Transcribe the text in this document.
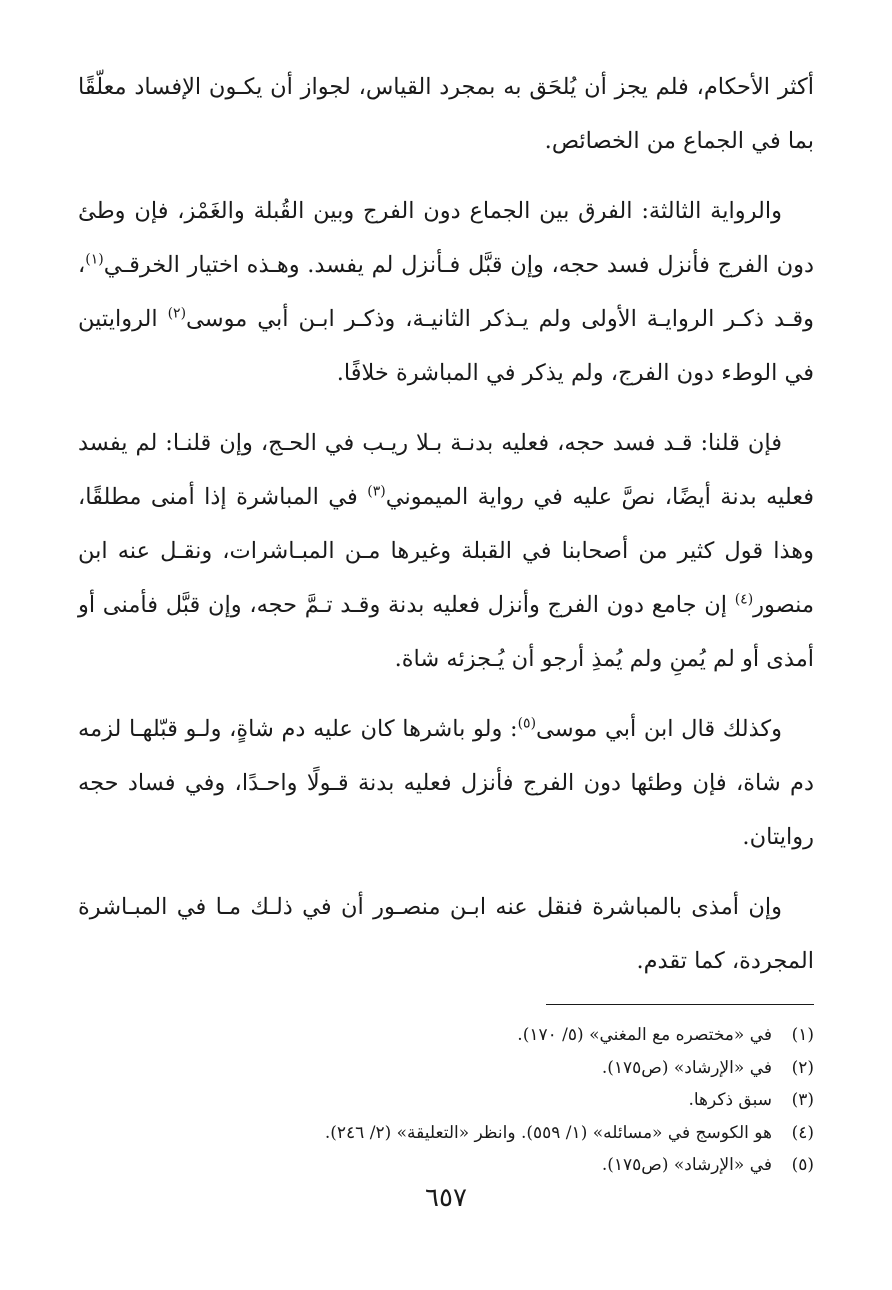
أكثر الأحكام، فلم يجز أن يُلحَق به بمجرد القياس، لجواز أن يكـون الإفساد معلّقًا بما في الجماع من الخصائص.

والرواية الثالثة: الفرق بين الجماع دون الفرج وبين القُبلة والغَمْز، فإن وطئ دون الفرج فأنزل فسد حجه، وإن قبَّل فـأنزل لم يفسد. وهـذه اختيار الخرقـي$^{(١)}$، وقـد ذكـر الروايـة الأولى ولم يـذكر الثانيـة، وذكـر ابـن أبي موسى$^{(٢)}$ الروايتين في الوطء دون الفرج، ولم يذكر في المباشرة خلافًا.

فإن قلنا: قـد فسد حجه، فعليه بدنـة بـلا ريـب في الحـج، وإن قلنـا: لم يفسد فعليه بدنة أيضًا، نصَّ عليه في رواية الميموني$^{(٣)}$ في المباشرة إذا أمنى مطلقًا، وهذا قول كثير من أصحابنا في القبلة وغيرها مـن المبـاشرات، ونقـل عنه ابن منصور$^{(٤)}$ إن جامع دون الفرج وأنزل فعليه بدنة وقـد تـمَّ حجه، وإن قبَّل فأمنى أو أمذى أو لم يُمنِ ولم يُمذِ أرجو أن يُـجزئه شاة.

وكذلك قال ابن أبي موسى$^{(٥)}$: ولو باشرها كان عليه دم شاةٍ، ولـو قبّلهـا لزمه دم شاة، فإن وطئها دون الفرج فأنزل فعليه بدنة قـولًا واحـدًا، وفي فساد حجه روايتان.

وإن أمذى بالمباشرة فنقل عنه ابـن منصـور أن في ذلـك مـا في المبـاشرة المجردة، كما تقدم.

(١)
في «مختصره مع المغني» (٥/ ١٧٠).
(٢)
في «الإرشاد» (ص١٧٥).
(٣)
سبق ذكرها.
(٤)
هو الكوسج في «مسائله» (١/ ٥٥٩). وانظر «التعليقة» (٢/ ٢٤٦).
(٥)
في «الإرشاد» (ص١٧٥).
٦٥٧
